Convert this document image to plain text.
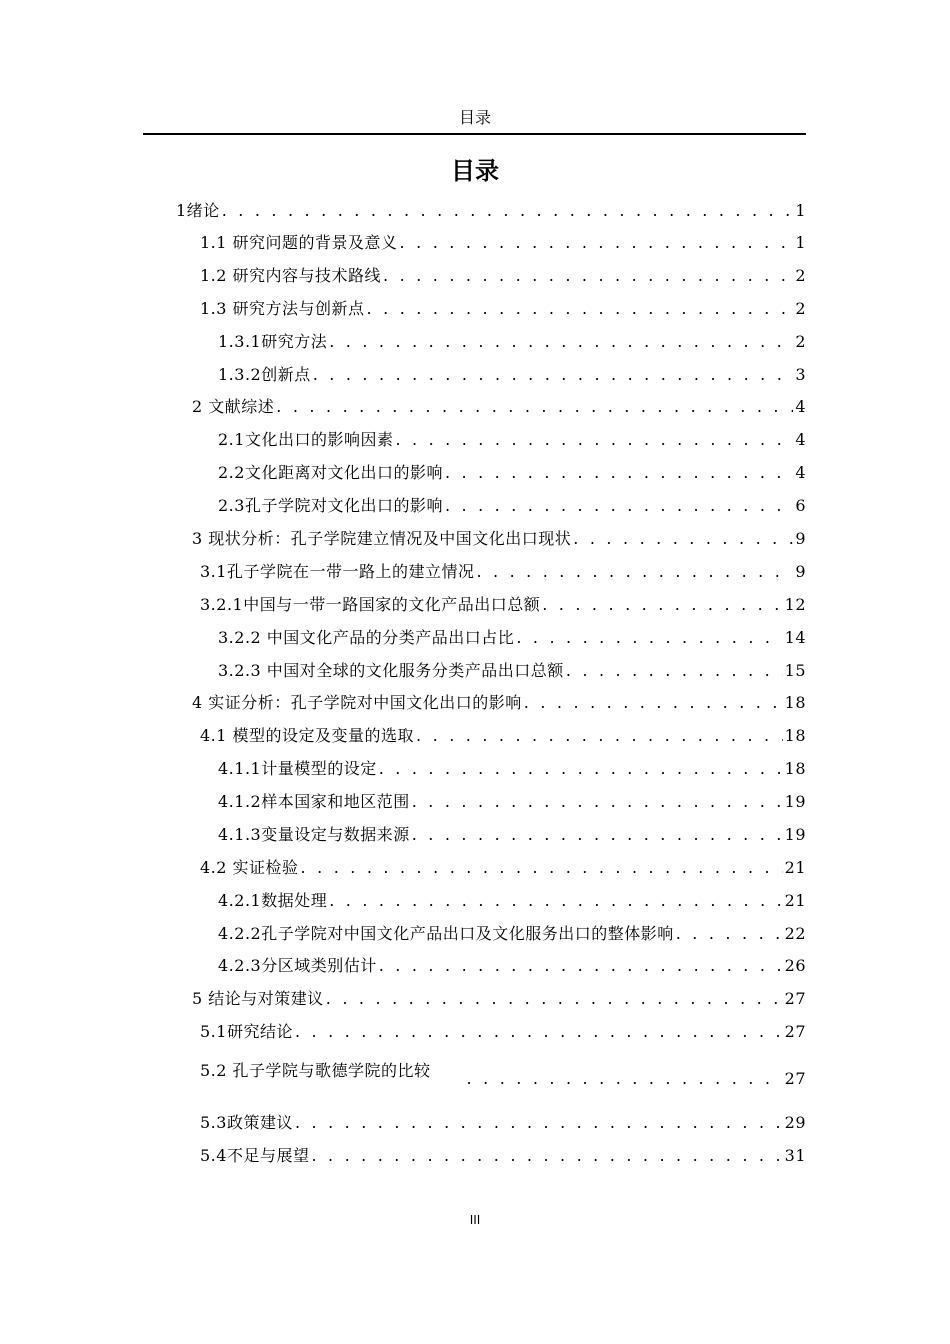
目录
目录
1绪论 . . .	1
1.1 研究问题的背景及意义 . . .	1
1.2 研究内容与技术路线 . . .	2
1.3 研究方法与创新点 . . .	2
1.3.1研究方法 . . .	2
1.3.2创新点 . . .	3
2 文献综述 . . .	4
2.1文化出口的影响因素 . . .	4
2.2文化距离对文化出口的影响 . . .	4
2.3孔子学院对文化出口的影响 . . .	6
3 现状分析：孔子学院建立情况及中国文化出口现状 . . .	9
3.1孔子学院在一带一路上的建立情况 . . .	9
3.2.1中国与一带一路国家的文化产品出口总额 . . .	12
3.2.2 中国文化产品的分类产品出口占比 . . .	14
3.2.3 中国对全球的文化服务分类产品出口总额 . . .	15
4 实证分析：孔子学院对中国文化出口的影响 . . .	18
4.1 模型的设定及变量的选取 . . .	18
4.1.1计量模型的设定 . . .	18
4.1.2样本国家和地区范围 . . .	19
4.1.3变量设定与数据来源 . . .	19
4.2 实证检验 . . .	21
4.2.1数据处理 . . .	21
4.2.2孔子学院对中国文化产品出口及文化服务出口的整体影响 . . .	22
4.2.3分区域类别估计 . . .	26
5 结论与对策建议 . . .	27
5.1研究结论 . . .	27
5.2 孔子学院与歌德学院的比较 . . .	27
5.3政策建议 . . .	29
5.4不足与展望 . . .	31
III
